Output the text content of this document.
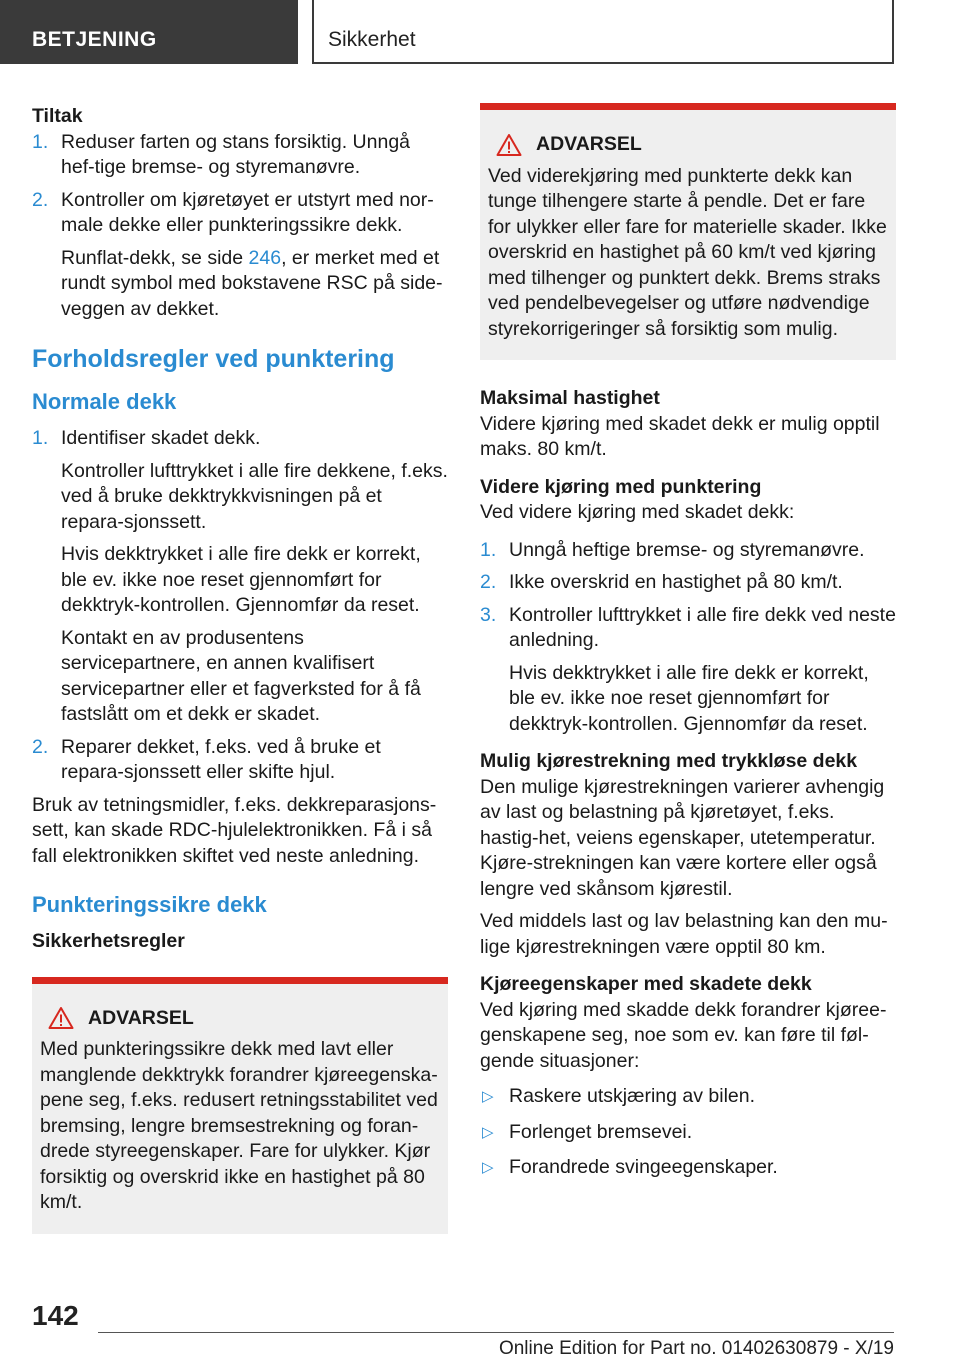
BETJENING	Sikkerhet
Tiltak
1. Reduser farten og stans forsiktig. Unngå hef-tige bremse- og styremanøvre.

2. Kontroller om kjøretøyet er utstyrt med nor-male dekke eller punkteringssikre dekk.

Runflat-dekk, se side 246, er merket med et rundt symbol med bokstavene RSC på side-veggen av dekket.

Forholdsregler ved punktering
Normale dekk
1. Identifiser skadet dekk.

Kontroller lufttrykket i alle fire dekkene, f.eks. ved å bruke dekktrykkvisningen på et repara-sjonssett.

Hvis dekktrykket i alle fire dekk er korrekt, ble ev. ikke noe reset gjennomført for dekktryk-kontrollen. Gjennomfør da reset.

Kontakt en av produsentens servicepartnere, en annen kvalifisert servicepartner eller et fagverksted for å få fastslått om et dekk er skadet.

2. Reparer dekket, f.eks. ved å bruke et repara-sjonssett eller skifte hjul.

Bruk av tetningsmidler, f.eks. dekkreparasjons-sett, kan skade RDC-hjulelektronikken. Få i så fall elektronikken skiftet ved neste anledning.

Punkteringssikre dekk
Sikkerhetsregler
ADVARSEL

Med punkteringssikre dekk med lavt eller manglende dekktrykk forandrer kjøreegenska-pene seg, f.eks. redusert retningsstabilitet ved bremsing, lengre bremsestrekning og foran-drede styreegenskaper. Fare for ulykker. Kjør forsiktig og overskrid ikke en hastighet på 80 km/t.

ADVARSEL

Ved viderekjøring med punkterte dekk kan tunge tilhengere starte å pendle. Det er fare for ulykker eller fare for materielle skader. Ikke overskrid en hastighet på 60 km/t ved kjøring med tilhenger og punktert dekk. Brems straks ved pendelbevegelser og utføre nødvendige styrekorrigeringer så forsiktig som mulig.

Maksimal hastighet

Videre kjøring med skadet dekk er mulig opptil maks. 80 km/t.

Videre kjøring med punktering

Ved videre kjøring med skadet dekk:

1. Unngå heftige bremse- og styremanøvre.

2. Ikke overskrid en hastighet på 80 km/t.

3. Kontroller lufttrykket i alle fire dekk ved neste anledning.

Hvis dekktrykket i alle fire dekk er korrekt, ble ev. ikke noe reset gjennomført for dekktryk-kontrollen. Gjennomfør da reset.

Mulig kjørestrekning med trykkløse dekk

Den mulige kjørestrekningen varierer avhengig av last og belastning på kjøretøyet, f.eks. hastig-het, veiens egenskaper, utetemperatur. Kjøre-strekningen kan være kortere eller også lengre ved skånsom kjørestil.

Ved middels last og lav belastning kan den mu-lige kjørestrekningen være opptil 80 km.

Kjøreegenskaper med skadete dekk

Ved kjøring med skadde dekk forandrer kjøree-genskapene seg, noe som ev. kan føre til føl-gende situasjoner:

▷ Raskere utskjæring av bilen.
▷ Forlenget bremsevei.
▷ Forandrede svingeegenskaper.
142
Online Edition for Part no. 01402630879 - X/19
